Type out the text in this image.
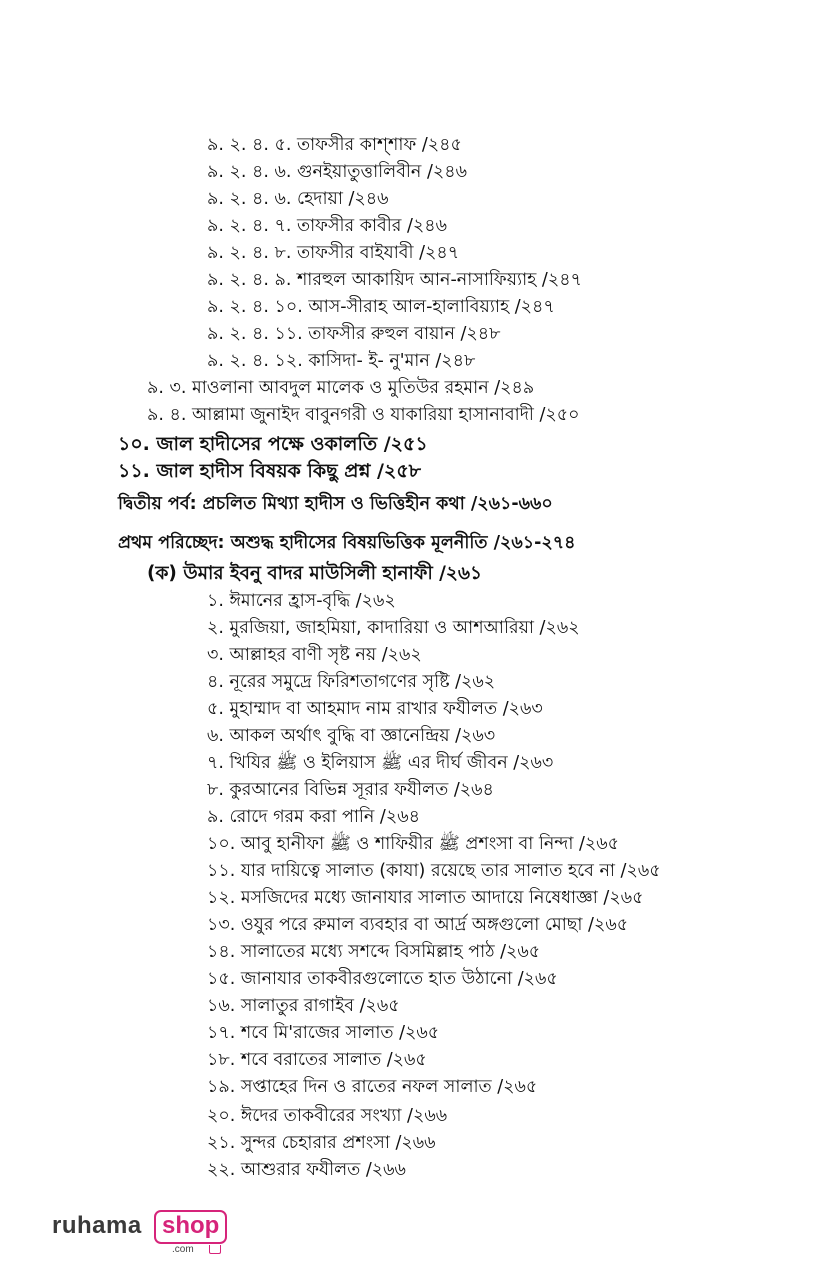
৯. ২. ৪. ৫. তাফসীর কাশ্‌শাফ /২৪৫
৯. ২. ৪. ৬. গুনইয়াতুত্তালিবীন /২৪৬
৯. ২. ৪. ৬. হেদায়া /২৪৬
৯. ২. ৪. ৭. তাফসীর কাবীর /২৪৬
৯. ২. ৪. ৮. তাফসীর বাইযাবী /২৪৭
৯. ২. ৪. ৯. শারহুল আকায়িদ আন-নাসাফিয়্যাহ /২৪৭
৯. ২. ৪. ১০. আস-সীরাহ আল-হালাবিয়্যাহ /২৪৭
৯. ২. ৪. ১১. তাফসীর রুহুল বায়ান /২৪৮
৯. ২. ৪. ১২. কাসিদা- ই- নু'মান /২৪৮
৯. ৩. মাওলানা আবদুল মালেক ও মুতিউর রহমান /২৪৯
৯. ৪. আল্লামা জুনাইদ বাবুনগরী ও যাকারিয়া হাসানাবাদী /২৫০
১০. জাল হাদীসের পক্ষে ওকালতি /২৫১
১১. জাল হাদীস বিষয়ক কিছু প্রশ্ন /২৫৮
দ্বিতীয় পর্ব: প্রচলিত মিথ্যা হাদীস ও ভিত্তিহীন কথা /২৬১-৬৬০
প্রথম পরিচ্ছেদ: অশুদ্ধ হাদীসের বিষয়ভিত্তিক মূলনীতি /২৬১-২৭৪
(ক) উমার ইবনু বাদর মাউসিলী হানাফী /২৬১
১. ঈমানের হ্রাস-বৃদ্ধি /২৬২
২. মুরজিয়া, জাহমিয়া, কাদারিয়া ও আশআরিয়া /২৬২
৩. আল্লাহর বাণী সৃষ্ট নয় /২৬২
৪. নূরের সমুদ্রে ফিরিশতাগণের সৃষ্টি /২৬২
৫. মুহাম্মাদ বা আহমাদ নাম রাখার ফযীলত /২৬৩
৬. আকল অর্থাৎ বুদ্ধি বা জ্ঞানেন্দ্রিয় /২৬৩
৭. খিযির ﷺ ও ইলিয়াস ﷺ এর দীর্ঘ জীবন /২৬৩
৮. কুরআনের বিভিন্ন সূরার ফযীলত /২৬৪
৯. রোদে গরম করা পানি /২৬৪
১০. আবু হানীফা ﷺ ও শাফিয়ীর ﷺ প্রশংসা বা নিন্দা /২৬৫
১১. যার দায়িত্বে সালাত (কাযা) রয়েছে তার সালাত হবে না /২৬৫
১২. মসজিদের মধ্যে জানাযার সালাত আদায়ে নিষেধাজ্ঞা /২৬৫
১৩. ওযুর পরে রুমাল ব্যবহার বা আর্দ্র অঙ্গগুলো মোছা /২৬৫
১৪. সালাতের মধ্যে সশব্দে বিসমিল্লাহ পাঠ /২৬৫
১৫. জানাযার তাকবীরগুলোতে হাত উঠানো /২৬৫
১৬. সালাতুর রাগাইব /২৬৫
১৭. শবে মি'রাজের সালাত /২৬৫
১৮. শবে বরাতের সালাত /২৬৫
১৯. সপ্তাহের দিন ও রাতের নফল সালাত /২৬৫
২০. ঈদের তাকবীরের সংখ্যা /২৬৬
২১. সুন্দর চেহারার প্রশংসা /২৬৬
২২. আশুরার ফযীলত /২৬৬
ruhama shop
.com
